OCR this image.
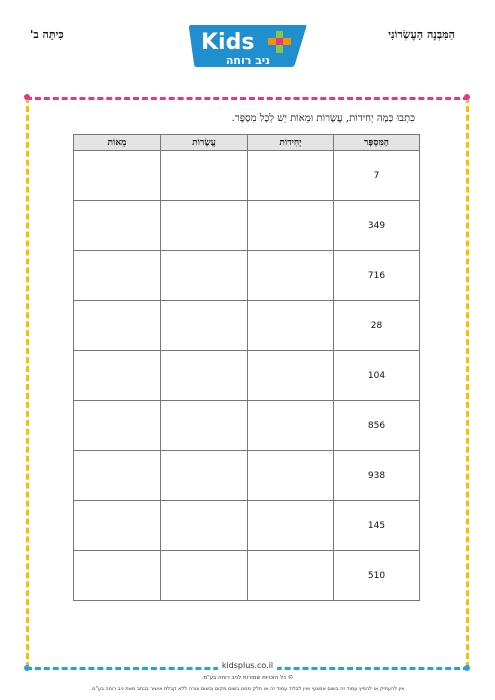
כִּיתָּה ב'	Kids
ניב רוחה
הַמִּבְנֶה הָעֶשְׂרוֹנִי
כִּתְבוּ כַּמָּה יְחִידוֹת, עֲשָׂרוֹת וּמֵאוֹת יֵשׁ לְכָל מִסְפָּר.
הַמִּסְפָּר	יְחִידוֹת	עֲשָׂרוֹת	מֵאוֹת
7			
349			
716			
28			
104			
856			
938			
145			
510			
kidsplus.co.il
© כל הזכויות שמורות לניב רוחה בע"מ.
אין להעתיק או להפיץ עמוד זה בשום אמצעי ואין לבלוד עמוד זה או חלק ממנו בשום מקום ובשום צורה ללא קבלת אישור בכתב מאת ניב רוחה בע"מ.
